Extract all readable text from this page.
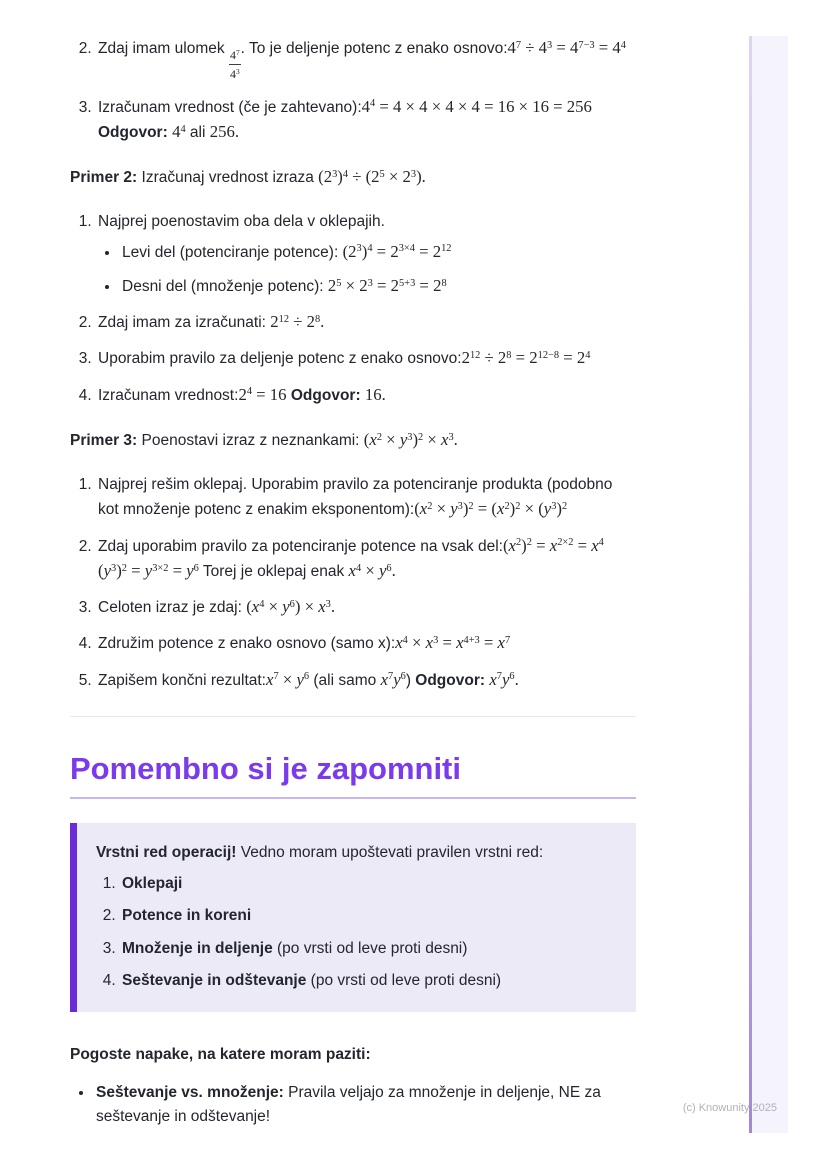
2. Zdaj imam ulomek $\frac{4^7}{4^3}$ . To je deljenje potenc z enako $osnovo:4^7 \div 4^3 = 4^{7-3} = 4^4$
3. Izračunam vrednost (če je $zahtevano):4^4 = 4 \times 4 \times 4 \times 4 = 16 \times 16 = 256$ Odgovor: $4^4$ ali 256.

Primer 2: Izračunaj vrednost izraza $(2^3)^4 \div (2^5 \times 2^3)$.

1. Najprej poenostavim oba dela v oklepajih.
• Levi del (potenciranje potence): $(2^3)^4 = 2^{3\times 4} = 2^{12}$
• Desni del (množenje potenc): $2^5 \times 2^3 = 2^{5+3} = 2^8$
2. Zdaj imam za izračunati: $2^{12} \div 2^8$.
3. Uporabim pravilo za deljenje potenc z enako $osnovo:2^{12} \div 2^8 = 2^{12-8} = 2^4$
4. Izračunam $vrednost:2^4 = 16$ Odgovor: 16.

Primer 3: Poenostavi izraz z neznankami: $(x^2 \times y^3)^2 \times x^3$.

1. Najprej rešim oklepaj. Uporabim pravilo za potenciranje produkta (podobno kot množenje potenc z enakim $eksponentom):(x^2 \times y^3)^2 = (x^2)^2 \times (y^3)^2$
2. Zdaj uporabim pravilo za potenciranje potence na vsak $del:(x^2)^2 = x^{2\times 2} = x^4$ $(y^3)^2 = y^{3\times 2} = y^6$ Torej je oklepaj enak $x^4 \times y^6$.
3. Celoten izraz je zdaj: $(x^4 \times y^6) \times x^3$.
4. Združim potence z enako osnovo (samo $x):x^4 \times x^3 = x^{4+3} = x^7$
5. Zapišem končni $rezultat:x^7 \times y^6$ (ali samo $x^7y^6$) Odgovor: $x^7y^6$.
Pomembno si je zapomniti

Vrstni red operacij! Vedno moram upoštevati pravilen vrstni red:

1. Oklepaji
2. Potence in koreni
3. Množenje in deljenje (po vrsti od leve proti desni)
4. Seštevanje in odštevanje (po vrsti od leve proti desni)

Pogoste napake, na katere moram paziti:

• Seštevanje vs. množenje: Pravila veljajo za množenje in deljenje, NE za seštevanje in odštevanje!	(c) Knowunity 2025
